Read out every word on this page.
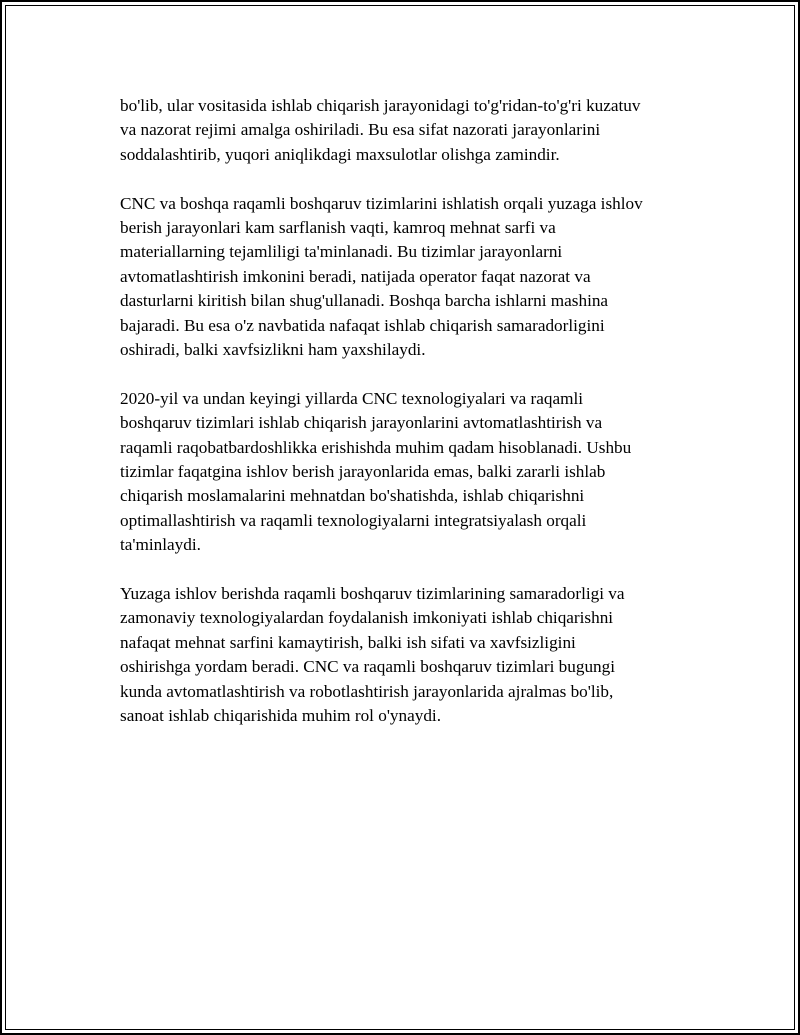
bo'lib, ular vositasida ishlab chiqarish jarayonidagi to'g'ridan-to'g'ri kuzatuv
va nazorat rejimi amalga oshiriladi. Bu esa sifat nazorati jarayonlarini
soddalashtirib, yuqori aniqlikdagi maxsulotlar olishga zamindir.

CNC va boshqa raqamli boshqaruv tizimlarini ishlatish orqali yuzaga ishlov
berish jarayonlari kam sarflanish vaqti, kamroq mehnat sarfi va
materiallarning tejamliligi ta'minlanadi. Bu tizimlar jarayonlarni
avtomatlashtirish imkonini beradi, natijada operator faqat nazorat va
dasturlarni kiritish bilan shug'ullanadi. Boshqa barcha ishlarni mashina
bajaradi. Bu esa o'z navbatida nafaqat ishlab chiqarish samaradorligini
oshiradi, balki xavfsizlikni ham yaxshilaydi.

2020-yil va undan keyingi yillarda CNC texnologiyalari va raqamli
boshqaruv tizimlari ishlab chiqarish jarayonlarini avtomatlashtirish va
raqamli raqobatbardoshlikka erishishda muhim qadam hisoblanadi. Ushbu
tizimlar faqatgina ishlov berish jarayonlarida emas, balki zararli ishlab
chiqarish moslamalarini mehnatdan bo'shatishda, ishlab chiqarishni
optimallashtirish va raqamli texnologiyalarni integratsiyalash orqali
ta'minlaydi.

Yuzaga ishlov berishda raqamli boshqaruv tizimlarining samaradorligi va
zamonaviy texnologiyalardan foydalanish imkoniyati ishlab chiqarishni
nafaqat mehnat sarfini kamaytirish, balki ish sifati va xavfsizligini
oshirishga yordam beradi. CNC va raqamli boshqaruv tizimlari bugungi
kunda avtomatlashtirish va robotlashtirish jarayonlarida ajralmas bo'lib,
sanoat ishlab chiqarishida muhim rol o'ynaydi.
